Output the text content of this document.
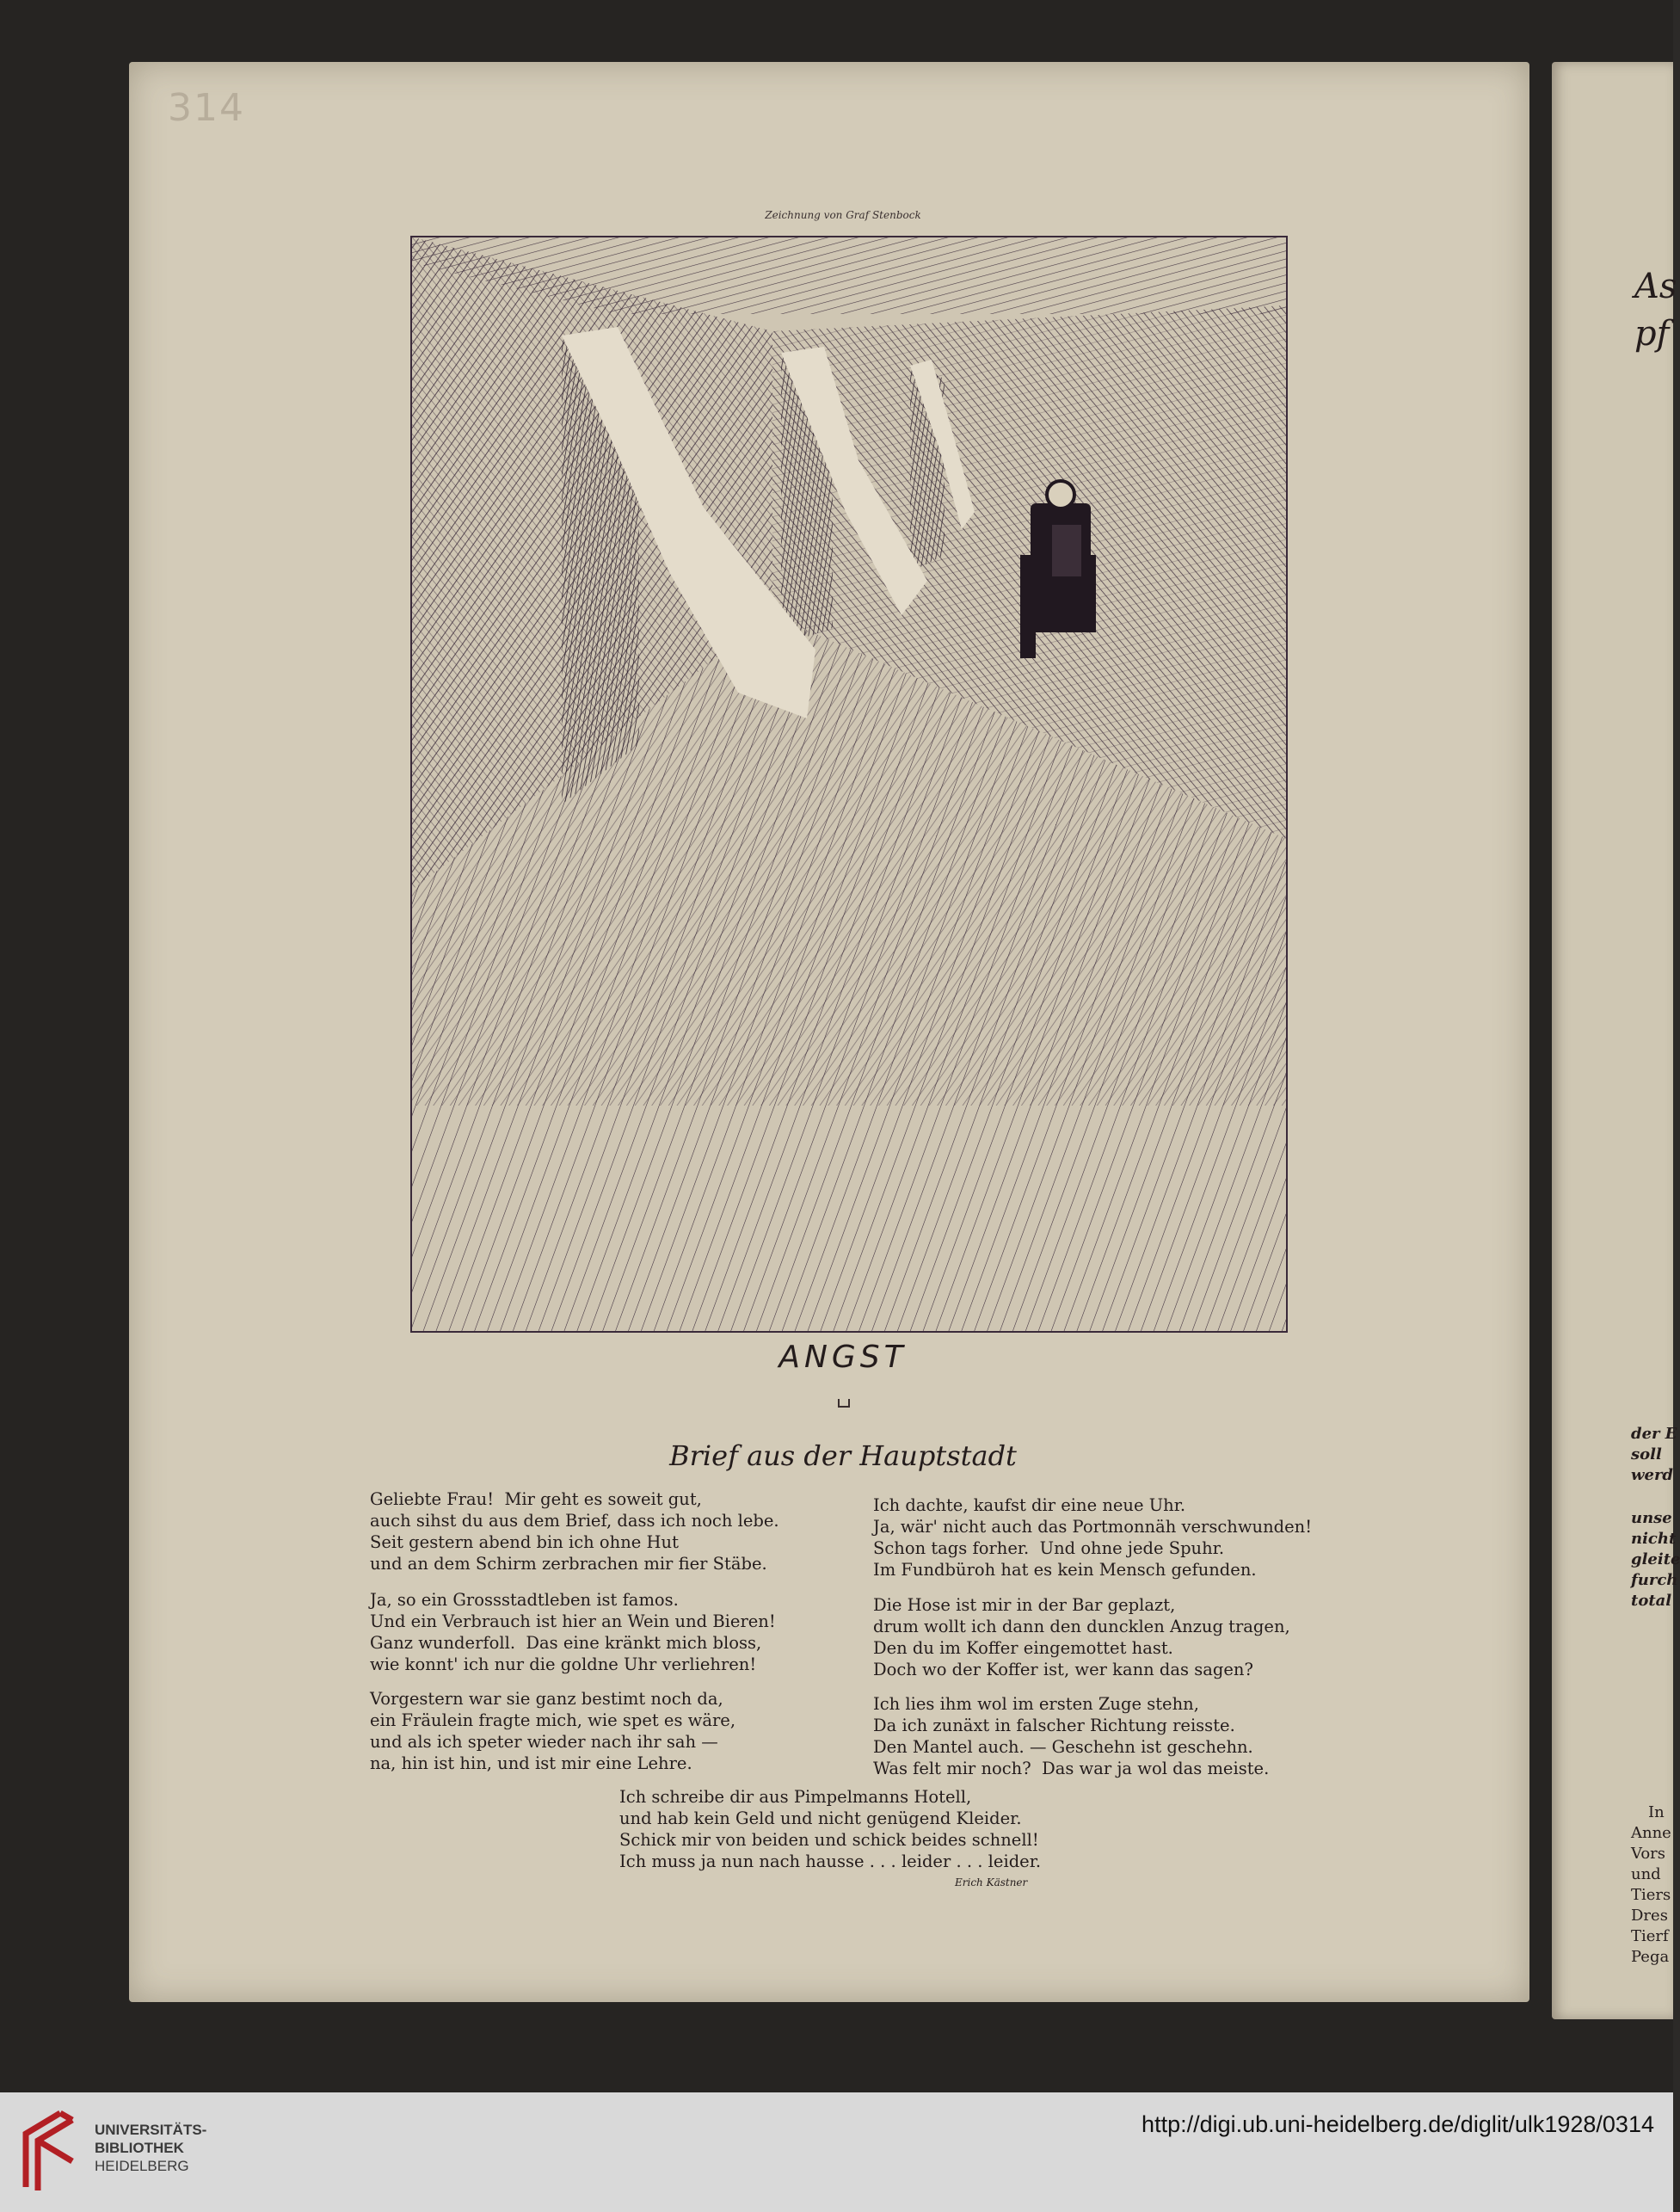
314
Zeichnung von Graf Stenbock
ANGST
Brief aus der Hauptstadt
Geliebte Frau!  Mir geht es soweit gut,
auch sihst du aus dem Brief, dass ich noch lebe.
Seit gestern abend bin ich ohne Hut
und an dem Schirm zerbrachen mir fier Stäbe.
Ja, so ein Grossstadtleben ist famos.
Und ein Verbrauch ist hier an Wein und Bieren!
Ganz wunderfoll.  Das eine kränkt mich bloss,
wie konnt' ich nur die goldne Uhr verliehren!
Vorgestern war sie ganz bestimt noch da,
ein Fräulein fragte mich, wie spet es wäre,
und als ich speter wieder nach ihr sah —
na, hin ist hin, und ist mir eine Lehre.
Ich dachte, kaufst dir eine neue Uhr.
Ja, wär' nicht auch das Portmonnäh verschwunden!
Schon tags forher.  Und ohne jede Spuhr.
Im Fundbüroh hat es kein Mensch gefunden.
Die Hose ist mir in der Bar geplazt,
drum wollt ich dann den duncklen Anzug tragen,
Den du im Koffer eingemottet hast.
Doch wo der Koffer ist, wer kann das sagen?
Ich lies ihm wol im ersten Zuge stehn,
Da ich zunäxt in falscher Richtung reisste.
Den Mantel auch. — Geschehn ist geschehn.
Was felt mir noch?  Das war ja wol das meiste.
Ich schreibe dir aus Pimpelmanns Hotell,
und hab kein Geld und nicht genügend Kleider.
Schick mir von beiden und schick beides schnell!
Ich muss ja nun nach hausse . . . leider . . . leider.
Erich Kästner
As
pf
der E
soll
werd
unse
nicht
gleite
furch
total
In
Anne
Vors
und
Tiers
Dres
Tierf
Pega
UNIVERSITÄTS-
BIBLIOTHEK
HEIDELBERG
http://digi.ub.uni-heidelberg.de/diglit/ulk1928/0314
